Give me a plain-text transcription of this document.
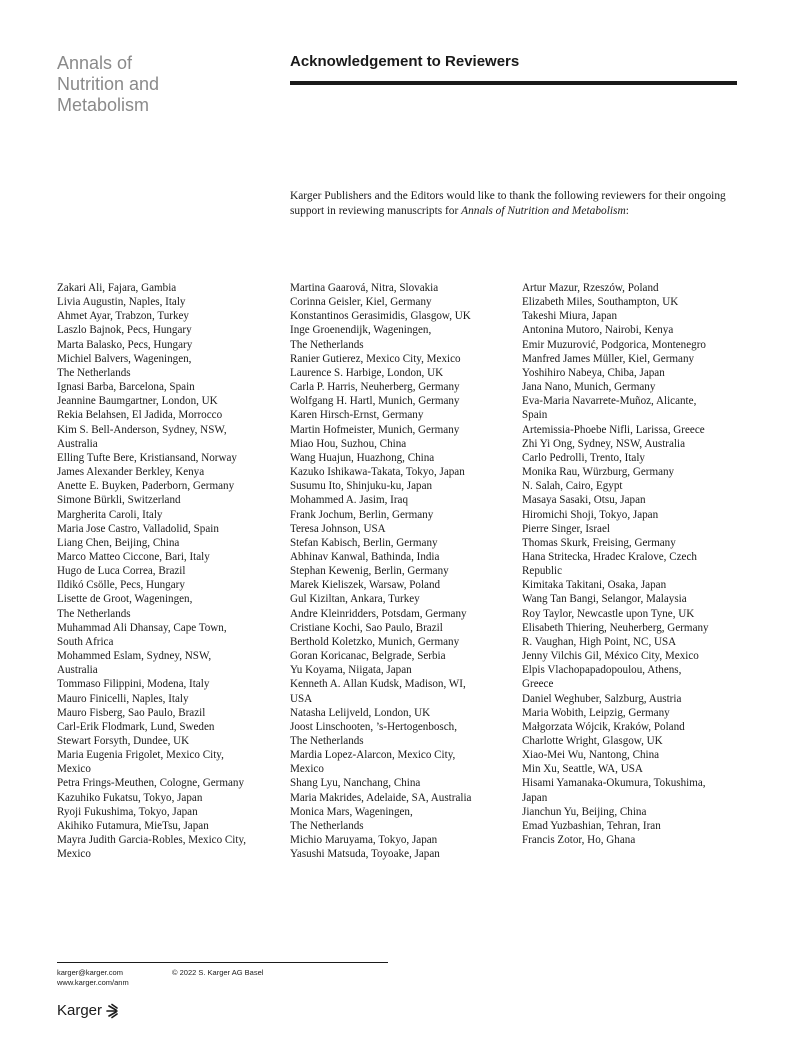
Annals of
Nutrition and
Metabolism
Acknowledgement to Reviewers

Karger Publishers and the Editors would like to thank the following reviewers for their ongoing support in reviewing manuscripts for Annals of Nutrition and Metabolism:

Zakari Ali, Fajara, Gambia
Livia Augustin, Naples, Italy
Ahmet Ayar, Trabzon, Turkey
Laszlo Bajnok, Pecs, Hungary
Marta Balasko, Pecs, Hungary
Michiel Balvers, Wageningen,
The Netherlands
Ignasi Barba, Barcelona, Spain
Jeannine Baumgartner, London, UK
Rekia Belahsen, El Jadida, Morrocco
Kim S. Bell-Anderson, Sydney, NSW,
Australia
Elling Tufte Bere, Kristiansand, Norway
James Alexander Berkley, Kenya
Anette E. Buyken, Paderborn, Germany
Simone Bürkli, Switzerland
Margherita Caroli, Italy
Maria Jose Castro, Valladolid, Spain
Liang Chen, Beijing, China
Marco Matteo Ciccone, Bari, Italy
Hugo de Luca Correa, Brazil
Ildikó Csölle, Pecs, Hungary
Lisette de Groot, Wageningen,
The Netherlands
Muhammad Ali Dhansay, Cape Town,
South Africa
Mohammed Eslam, Sydney, NSW,
Australia
Tommaso Filippini, Modena, Italy
Mauro Finicelli, Naples, Italy
Mauro Fisberg, Sao Paulo, Brazil
Carl-Erik Flodmark, Lund, Sweden
Stewart Forsyth, Dundee, UK
Maria Eugenia Frigolet, Mexico City,
Mexico
Petra Frings-Meuthen, Cologne, Germany
Kazuhiko Fukatsu, Tokyo, Japan
Ryoji Fukushima, Tokyo, Japan
Akihiko Futamura, MieTsu, Japan
Mayra Judith Garcia-Robles, Mexico City,
Mexico
Martina Gaarová, Nitra, Slovakia
Corinna Geisler, Kiel, Germany
Konstantinos Gerasimidis, Glasgow, UK
Inge Groenendijk, Wageningen,
The Netherlands
Ranier Gutierez, Mexico City, Mexico
Laurence S. Harbige, London, UK
Carla P. Harris, Neuherberg, Germany
Wolfgang H. Hartl, Munich, Germany
Karen Hirsch-Ernst, Germany
Martin Hofmeister, Munich, Germany
Miao Hou, Suzhou, China
Wang Huajun, Huazhong, China
Kazuko Ishikawa-Takata, Tokyo, Japan
Susumu Ito, Shinjuku-ku, Japan
Mohammed A. Jasim, Iraq
Frank Jochum, Berlin, Germany
Teresa Johnson, USA
Stefan Kabisch, Berlin, Germany
Abhinav Kanwal, Bathinda, India
Stephan Kewenig, Berlin, Germany
Marek Kieliszek, Warsaw, Poland
Gul Kiziltan, Ankara, Turkey
Andre Kleinridders, Potsdam, Germany
Cristiane Kochi, Sao Paulo, Brazil
Berthold Koletzko, Munich, Germany
Goran Koricanac, Belgrade, Serbia
Yu Koyama, Niigata, Japan
Kenneth A. Allan Kudsk, Madison, WI,
USA
Natasha Lelijveld, London, UK
Joost Linschooten, ’s-Hertogenbosch,
The Netherlands
Mardia Lopez-Alarcon, Mexico City,
Mexico
Shang Lyu, Nanchang, China
Maria Makrides, Adelaide, SA, Australia
Monica Mars, Wageningen,
The Netherlands
Michio Maruyama, Tokyo, Japan
Yasushi Matsuda, Toyoake, Japan
Artur Mazur, Rzeszów, Poland
Elizabeth Miles, Southampton, UK
Takeshi Miura, Japan
Antonina Mutoro, Nairobi, Kenya
Emir Muzurović, Podgorica, Montenegro
Manfred James Müller, Kiel, Germany
Yoshihiro Nabeya, Chiba, Japan
Jana Nano, Munich, Germany
Eva-Maria Navarrete-Muñoz, Alicante,
Spain
Artemissia-Phoebe Nifli, Larissa, Greece
Zhi Yi Ong, Sydney, NSW, Australia
Carlo Pedrolli, Trento, Italy
Monika Rau, Würzburg, Germany
N. Salah, Cairo, Egypt
Masaya Sasaki, Otsu, Japan
Hiromichi Shoji, Tokyo, Japan
Pierre Singer, Israel
Thomas Skurk, Freising, Germany
Hana Stritecka, Hradec Kralove, Czech
Republic
Kimitaka Takitani, Osaka, Japan
Wang Tan Bangi, Selangor, Malaysia
Roy Taylor, Newcastle upon Tyne, UK
Elisabeth Thiering, Neuherberg, Germany
R. Vaughan, High Point, NC, USA
Jenny Vilchis Gil, México City, Mexico
Elpis Vlachopapadopoulou, Athens,
Greece
Daniel Weghuber, Salzburg, Austria
Maria Wobith, Leipzig, Germany
Małgorzata Wójcik, Kraków, Poland
Charlotte Wright, Glasgow, UK
Xiao-Mei Wu, Nantong, China
Min Xu, Seattle, WA, USA
Hisami Yamanaka-Okumura, Tokushima,
Japan
Jianchun Yu, Beijing, China
Emad Yuzbashian, Tehran, Iran
Francis Zotor, Ho, Ghana
karger@karger.com
www.karger.com/anm
© 2022 S. Karger AG Basel
Karger
